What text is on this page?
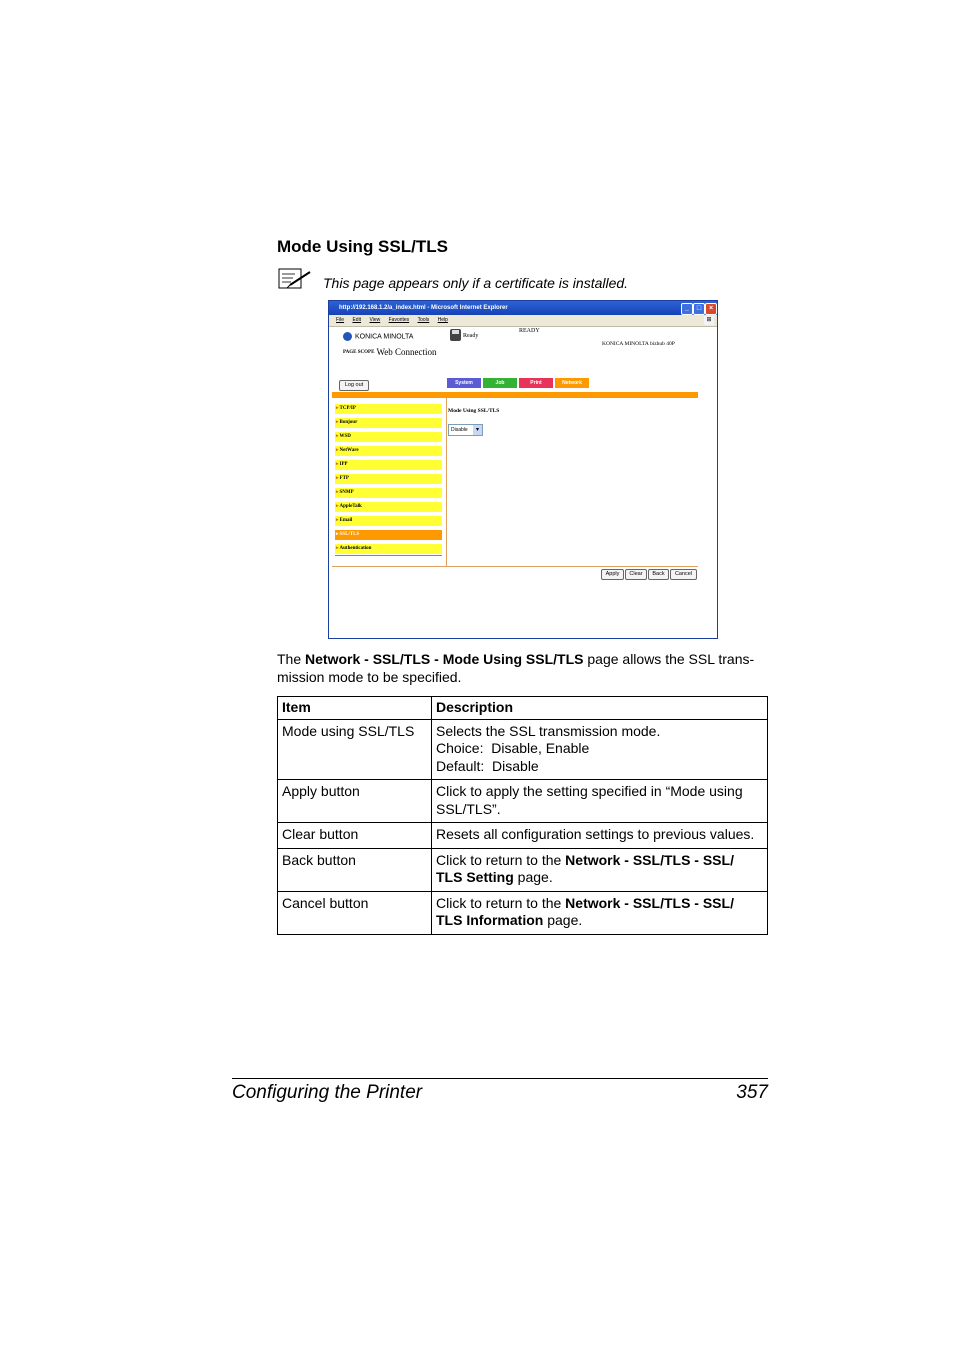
Mode Using SSL/TLS
This page appears only if a certificate is installed.
http://192.168.1.2/a_index.html - Microsoft Internet Explorer	_	□	×
File Edit View Favorites Tools Help	⊞
KONICA MINOLTA
PAGE SCOPE Web Connection
Ready
READY
KONICA MINOLTA bizhub 40P
Log out	System	Job	Print	Network
▸TCP/IP
▸Bonjour
▸WSD
▸NetWare
▸IPP
▸FTP
▸SNMP
▸AppleTalk
▸Email
▸SSL/TLS
▸Authentication
Mode Using SSL/TLS
Disable	▾
Apply	Clear	Back	Cancel
The Network - SSL/TLS - Mode Using SSL/TLS page allows the SSL trans-mission mode to be specified.
Item	Description
Mode using SSL/TLS	Selects the SSL transmission mode.
Choice:  Disable, Enable
Default:  Disable

Apply button	Click to apply the setting specified in “Mode using SSL/TLS”.
Clear button	Resets all configuration settings to previous values.
Back button	Click to return to the Network - SSL/TLS - SSL/ TLS Setting page.
Cancel button	Click to return to the Network - SSL/TLS - SSL/ TLS Information page.
Configuring the Printer	357
